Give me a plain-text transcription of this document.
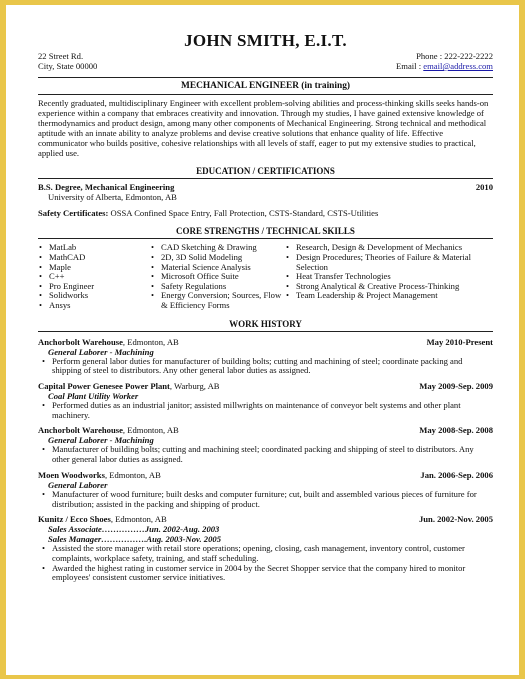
JOHN SMITH, E.I.T.
22 Street Rd.
City, State 00000
Phone : 222-222-2222
Email : email@address.com
MECHANICAL ENGINEER (in training)
Recently graduated, multidisciplinary Engineer with excellent problem-solving abilities and process-thinking skills seeks hands-on experience within a company that embraces creativity and innovation. Through my studies, I have gained extensive knowledge of thermodynamics and product design, among many other components of Mechanical Engineering. Strong technical and methodical aptitude with an innate ability to analyze problems and devise creative solutions that enhance quality of life. Effective communicator who builds positive, cohesive relationships with all levels of staff, eager to put my extensive studies to practical, applied use.
EDUCATION / CERTIFICATIONS
B.S. Degree, Mechanical Engineering	2010
University of Alberta, Edmonton, AB
Safety Certificates: OSSA Confined Space Entry, Fall Protection, CSTS-Standard, CSTS-Utilities
CORE STRENGTHS / TECHNICAL SKILLS
• MatLab
• MathCAD
• Maple
• C++
• Pro Engineer
• Solidworks
• Ansys
• CAD Sketching & Drawing
• 2D, 3D Solid Modeling
• Material Science Analysis
• Microsoft Office Suite
• Safety Regulations
• Energy Conversion; Sources, Flow & Efficiency Forms
• Research, Design & Development of Mechanics
• Design Procedures; Theories of Failure & Material Selection
• Heat Transfer Technologies
• Strong Analytical & Creative Process-Thinking
• Team Leadership & Project Management
WORK HISTORY
Anchorbolt Warehouse, Edmonton, AB	May 2010-Present
General Laborer - Machining
• Perform general labor duties for manufacturer of building bolts; cutting and machining of steel; coordinate packing and shipping of steel to distributors. Any other general labor duties as assigned.
Capital Power Genesee Power Plant, Warburg, AB	May 2009-Sep. 2009
Coal Plant Utility Worker
• Performed duties as an industrial janitor; assisted millwrights on maintenance of conveyor belt systems and other plant machinery.
Anchorbolt Warehouse, Edmonton, AB	May 2008-Sep. 2008
General Laborer - Machining
• Manufacturer of building bolts; cutting and machining steel; coordinated packing and shipping of steel to distributors. Any other general labor duties as assigned.
Moen Woodworks, Edmonton, AB	Jan. 2006-Sep. 2006
General Laborer
• Manufacturer of wood furniture; built desks and computer furniture; cut, built and assembled various pieces of furniture for distribution; assisted in the packing and shipping of product.
Kunitz / Ecco Shoes, Edmonton, AB	Jun. 2002-Nov. 2005
Sales Associate……………Jun. 2002-Aug. 2003
Sales Manager…………….Aug. 2003-Nov. 2005
• Assisted the store manager with retail store operations; opening, closing, cash management, inventory control, customer complaints, workplace safety, training, and staff scheduling.
• Awarded the highest rating in customer service in 2004 by the Secret Shopper service that the company hired to monitor employees' consistent customer service initiatives.
